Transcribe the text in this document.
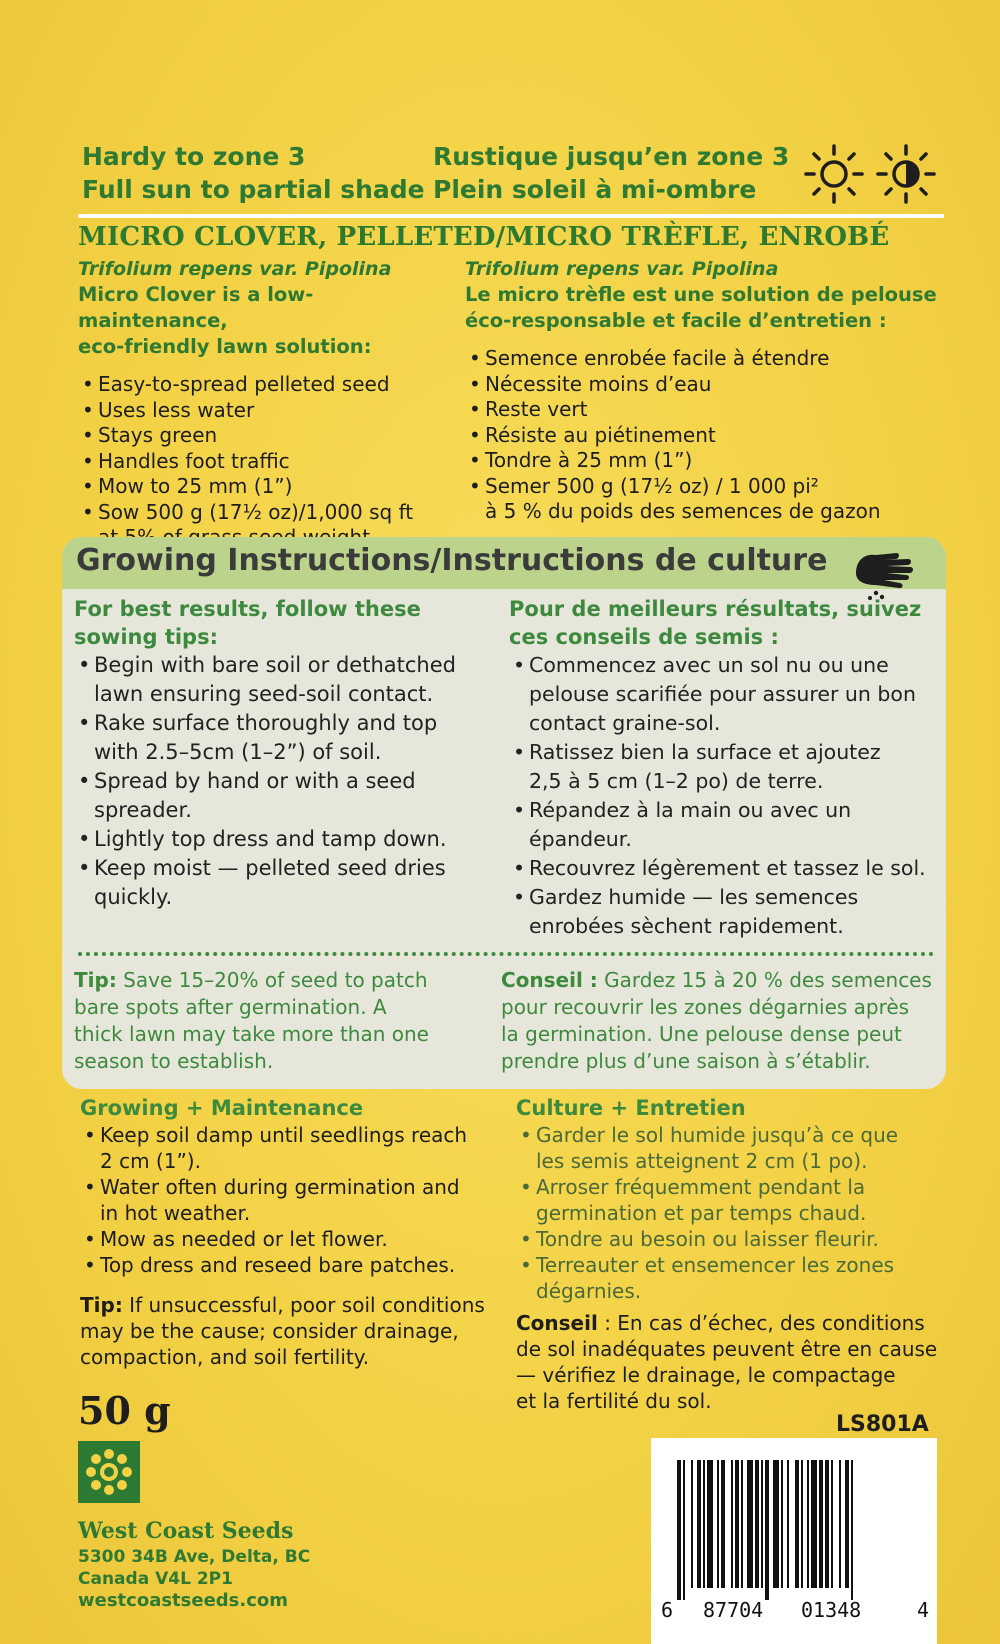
Hardy to zone 3
Full sun to partial shade
Rustique jusqu’en zone 3
Plein soleil à mi-ombre
MICRO CLOVER, PELLETED/MICRO TRÈFLE, ENROBÉ
Trifolium repens var. Pipolina
Micro Clover is a low-maintenance,
eco-friendly lawn solution:
• Easy-to-spread pelleted seed
• Uses less water
• Stays green
• Handles foot traffic
• Mow to 25 mm (1”)
• Sow 500 g (17½ oz)/1,000 sq ft

Trifolium repens var. Pipolina
Le micro trèfle est une solution de pelouse
éco-responsable et facile d’entretien :
• Semence enrobée facile à étendre
• Nécessite moins d’eau
• Reste vert
• Résiste au piétinement
• Tondre à 25 mm (1”)
• Semer 500 g (17½ oz) / 1 000 pi²
à 5 % du poids des semences de gazon
Growing Instructions/Instructions de culture
For best results, follow these
sowing tips:
• Begin with bare soil or dethatched
lawn ensuring seed-soil contact.
• Rake surface thoroughly and top
with 2.5–5cm (1–2”) of soil.
• Spread by hand or with a seed
spreader.
• Lightly top dress and tamp down.
• Keep moist — pelleted seed dries
quickly.
Pour de meilleurs résultats, suivez
ces conseils de semis :
• Commencez avec un sol nu ou une
pelouse scarifiée pour assurer un bon
contact graine-sol.
• Ratissez bien la surface et ajoutez
2,5 à 5 cm (1–2 po) de terre.
• Répandez à la main ou avec un
épandeur.
• Recouvrez légèrement et tassez le sol.
• Gardez humide — les semences
enrobées sèchent rapidement.
Tip: Save 15–20% of seed to patch
bare spots after germination. A
thick lawn may take more than one
season to establish.
Conseil : Gardez 15 à 20 % des semences
pour recouvrir les zones dégarnies après
la germination. Une pelouse dense peut
prendre plus d’une saison à s’établir.
Growing + Maintenance
• Keep soil damp until seedlings reach
2 cm (1”).
• Water often during germination and
in hot weather.
• Mow as needed or let flower.
• Top dress and reseed bare patches.
Tip: If unsuccessful, poor soil conditions
may be the cause; consider drainage,
compaction, and soil fertility.
Culture + Entretien
• Garder le sol humide jusqu’à ce que
les semis atteignent 2 cm (1 po).
• Arroser fréquemment pendant la
germination et par temps chaud.
• Tondre au besoin ou laisser fleurir.
• Terreauter et ensemencer les zones
dégarnies.
Conseil : En cas d’échec, des conditions
de sol inadéquates peuvent être en cause
— vérifiez le drainage, le compactage
et la fertilité du sol.
50 g
West Coast Seeds
5300 34B Ave, Delta, BC
Canada V4L 2P1
westcoastseeds.com
LS801A
6 87704 01348	4
